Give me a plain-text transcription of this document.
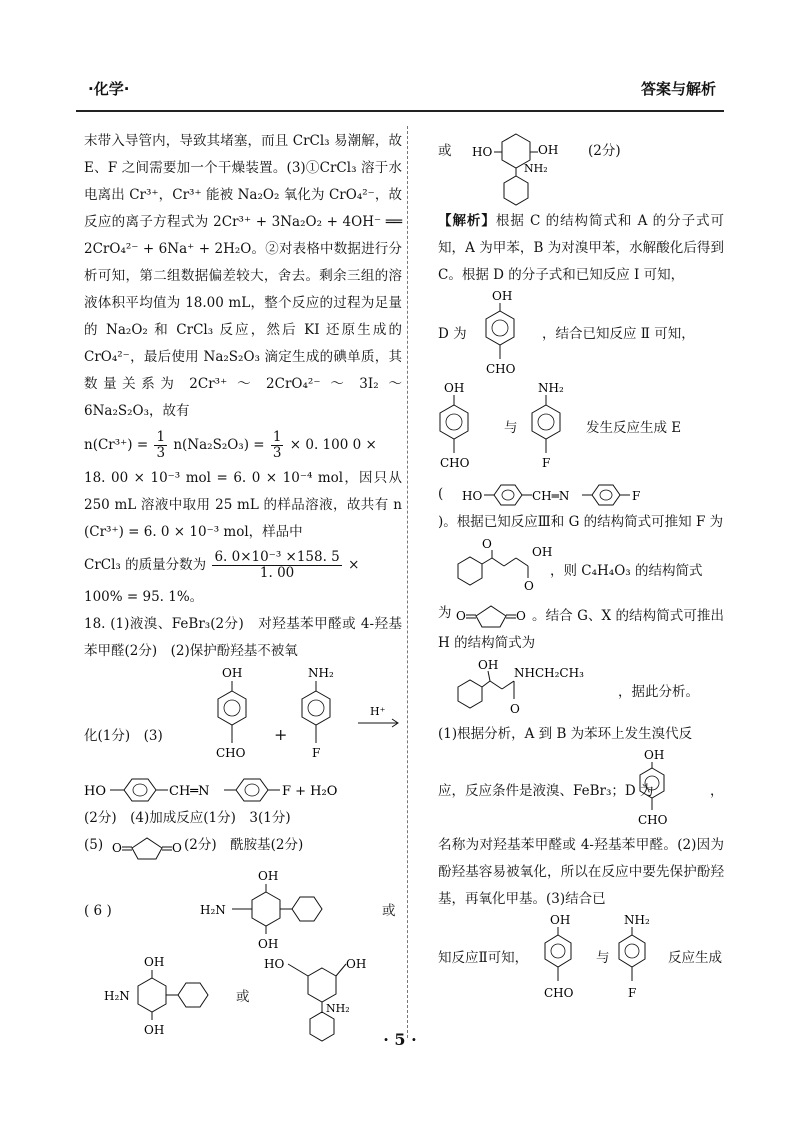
·化学·	答案与解析

末带入导管内，导致其堵塞，而且 CrCl₃ 易潮解，故 E、F 之间需要加一个干燥装置。(3)①CrCl₃ 溶于水电离出 Cr³⁺，Cr³⁺ 能被 Na₂O₂ 氧化为 CrO₄²⁻，故反应的离子方程式为 2Cr³⁺ + 3Na₂O₂ + 4OH⁻ ══ 2CrO₄²⁻ + 6Na⁺ + 2H₂O。②对表格中数据进行分析可知，第二组数据偏差较大，舍去。剩余三组的溶液体积平均值为 18.00 mL，整个反应的过程为足量的 Na₂O₂ 和 CrCl₃ 反应，然后 KI 还原生成的 CrO₄²⁻，最后使用 Na₂S₂O₃ 滴定生成的碘单质，其数量关系为 2Cr³⁺ ～ 2CrO₄²⁻ ～ 3I₂ ～ 6Na₂S₂O₃，故有

$n(Cr^{3+}) = \frac{1}{3} n(Na_2S_2O_3) = \frac{1}{3} \times 0$. 100 0 ×

18. 00 × 10⁻³ mol = 6. 0 × 10⁻⁴ mol，因只从 250 mL 溶液中取用 25 mL 的样品溶液，故共有 n (Cr³⁺) = 6. 0 × 10⁻³ mol，样品中

CrCl₃ 的质量分数为 $\frac{\text{6. 0×10⁻³ ×158. 5}}{1. 00}$ ×

100% = 95. 1%。

18. (1)液溴、FeBr₃(2分)　对羟基苯甲醛或 4-羟基苯甲醛(2分)　(2)保护酚羟基不被氧

化(1分)　(3)
OH
CHO
+
NH₂
F
H⁺
HO	CH═N	F + H₂O

(2分)　(4)加成反应(1分)　3(1分)

(5) O	O (2分)　酰胺基(2分)
( 6 )
OH
H₂N
OH
或
OH
H₂N
OH
或
HO	OH
NH₂
或 HO	OH
NH₂
(2分)

【解析】根据 C 的结构简式和 A 的分子式可知，A 为甲苯，B 为对溴甲苯，水解酸化后得到 C。根据 D 的分子式和已知反应 Ⅰ 可知，

D 为
OH
CHO
，结合已知反应 Ⅱ 可知，
OH
CHO
与
NH₂
F
发生反应生成 E
( HO	CH═N	F

)。根据已知反应Ⅲ和 G 的结构简式可推知 F 为

O
O
OH
，则 C₄H₄O₃ 的结构简式
为 O	O 。结合 G、X 的结构简式可推出 H 的结构简式为

OH
O
NHCH₂CH₃
，据此分析。

(1)根据分析，A 到 B 为苯环上发生溴代反

应，反应条件是液溴、FeBr₃；D 为
OH
CHO
，

名称为对羟基苯甲醛或 4-羟基苯甲醛。(2)因为酚羟基容易被氧化，所以在反应中要先保护酚羟基，再氧化甲基。(3)结合已

知反应Ⅱ可知，
OH
CHO
与
NH₂
F
反应生成
· 5 ·
